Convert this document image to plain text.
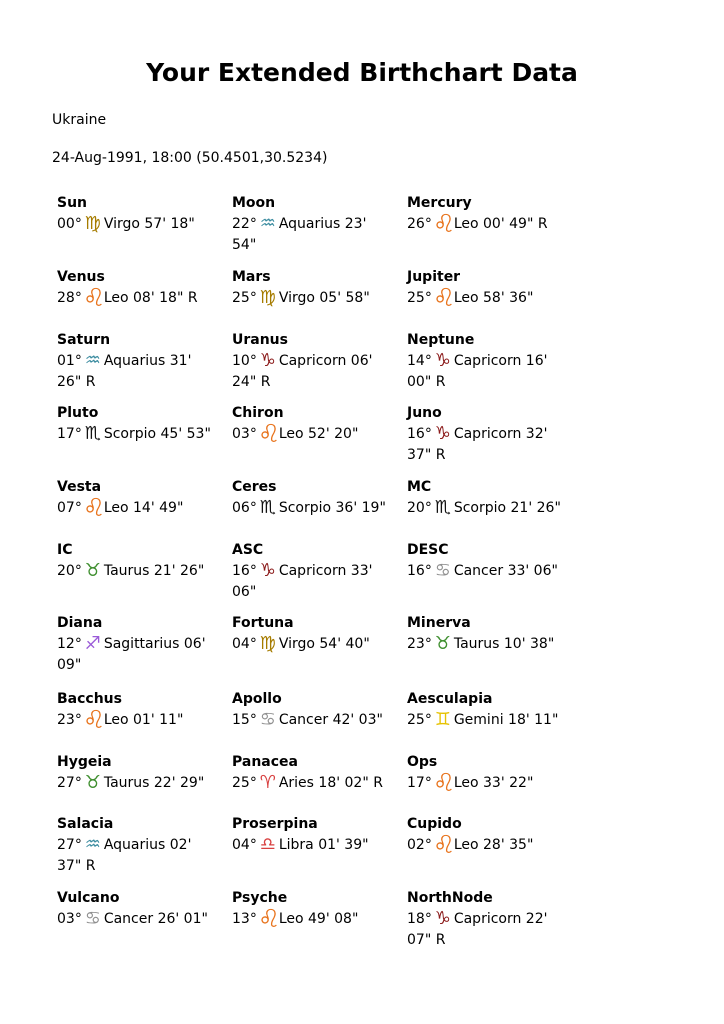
Your Extended Birthchart Data
Ukraine
24-Aug-1991, 18:00 (50.4501,30.5234)
Sun
00° ♍ Virgo 57' 18"
Moon
22° ♒ Aquarius 23'
54"
Mercury
26°♌Leo 00' 49" R
Venus
28°♌Leo 08' 18" R
Mars
25° ♍ Virgo 05' 58"
Jupiter
25°♌Leo 58' 36"
Saturn
01° ♒ Aquarius 31'
26" R
Uranus
10° ♑ Capricorn 06'
24" R
Neptune
14° ♑ Capricorn 16'
00" R
Pluto
17° ♏ Scorpio 45' 53"
Chiron
03°♌Leo 52' 20"
Juno
16° ♑ Capricorn 32'
37" R
Vesta
07°♌Leo 14' 49"
Ceres
06° ♏ Scorpio 36' 19"
MC
20° ♏ Scorpio 21' 26"
IC
20° ♉ Taurus 21' 26"
ASC
16° ♑ Capricorn 33'
06"
DESC
16° ♋ Cancer 33' 06"
Diana
12° ♐ Sagittarius 06'
09"
Fortuna
04° ♍ Virgo 54' 40"
Minerva
23° ♉ Taurus 10' 38"
Bacchus
23°♌Leo 01' 11"
Apollo
15° ♋ Cancer 42' 03"
Aesculapia
25° ♊ Gemini 18' 11"
Hygeia
27° ♉ Taurus 22' 29"
Panacea
25° ♈ Aries 18' 02" R
Ops
17°♌Leo 33' 22"
Salacia
27° ♒ Aquarius 02'
37" R
Proserpina
04° ♎ Libra 01' 39"
Cupido
02°♌Leo 28' 35"
Vulcano
03° ♋ Cancer 26' 01"
Psyche
13°♌Leo 49' 08"
NorthNode
18° ♑ Capricorn 22'
07" R
